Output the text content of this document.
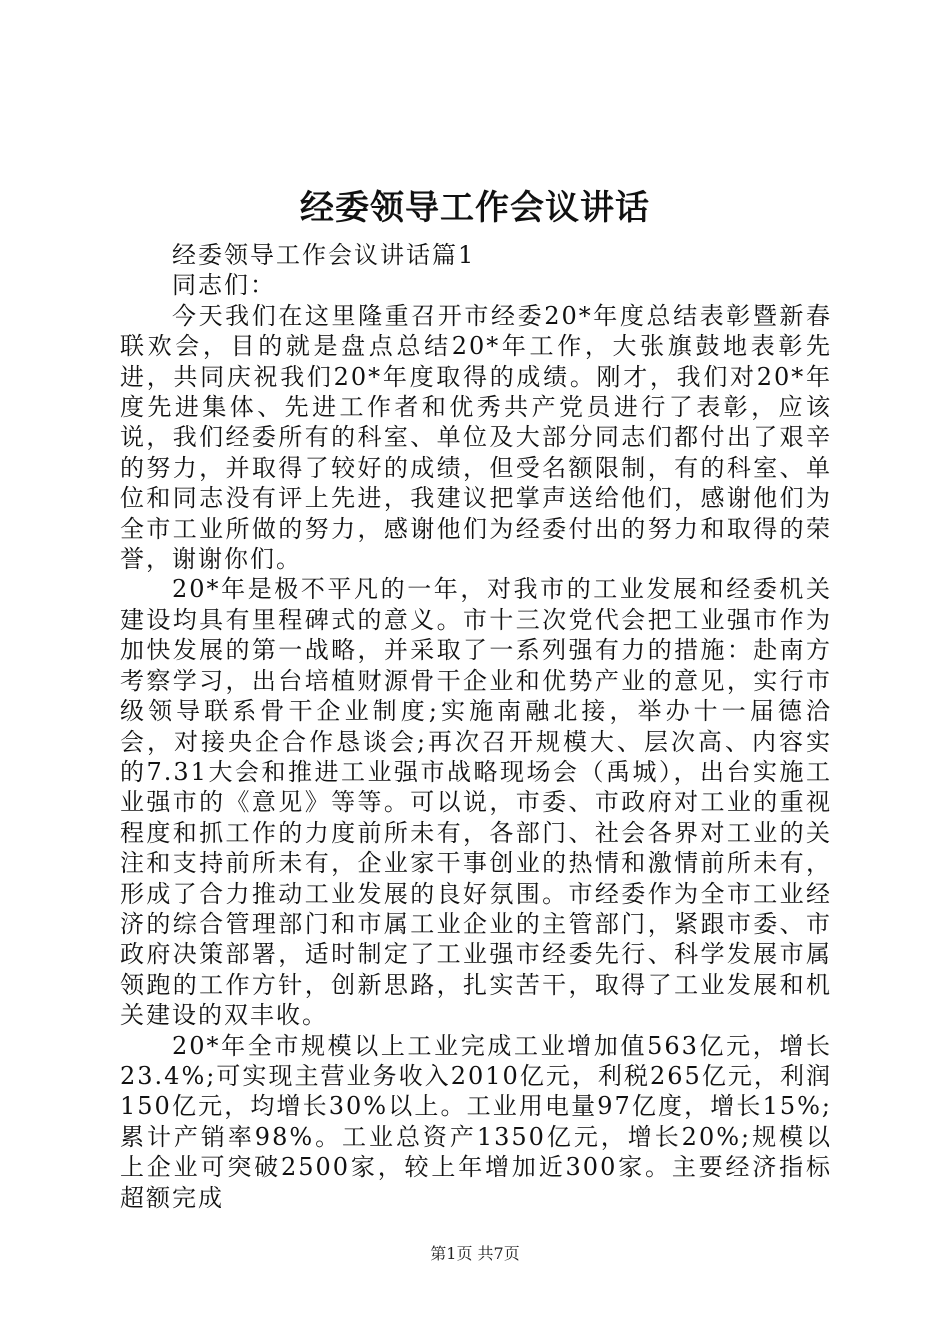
经委领导工作会议讲话

经委领导工作会议讲话篇1

同志们：

今天我们在这里隆重召开市经委20*年度总结表彰暨新春联欢会，目的就是盘点总结20*年工作，大张旗鼓地表彰先进，共同庆祝我们20*年度取得的成绩。刚才，我们对20*年度先进集体、先进工作者和优秀共产党员进行了表彰，应该说，我们经委所有的科室、单位及大部分同志们都付出了艰辛的努力，并取得了较好的成绩，但受名额限制，有的科室、单位和同志没有评上先进，我建议把掌声送给他们，感谢他们为全市工业所做的努力，感谢他们为经委付出的努力和取得的荣誉，谢谢你们。

20*年是极不平凡的一年，对我市的工业发展和经委机关建设均具有里程碑式的意义。市十三次党代会把工业强市作为加快发展的第一战略，并采取了一系列强有力的措施：赴南方考察学习，出台培植财源骨干企业和优势产业的意见，实行市级领导联系骨干企业制度;实施南融北接，举办十一届德洽会，对接央企合作恳谈会;再次召开规模大、层次高、内容实的7.31大会和推进工业强市战略现场会（禹城），出台实施工业强市的《意见》等等。可以说，市委、市政府对工业的重视程度和抓工作的力度前所未有，各部门、社会各界对工业的关注和支持前所未有，企业家干事创业的热情和激情前所未有，形成了合力推动工业发展的良好氛围。市经委作为全市工业经济的综合管理部门和市属工业企业的主管部门，紧跟市委、市政府决策部署，适时制定了工业强市经委先行、科学发展市属领跑的工作方针，创新思路，扎实苦干，取得了工业发展和机关建设的双丰收。

20*年全市规模以上工业完成工业增加值563亿元，增长23.4%;可实现主营业务收入2010亿元，利税265亿元，利润150亿元，均增长30%以上。工业用电量97亿度，增长15%;累计产销率98%。工业总资产1350亿元，增长20%;规模以上企业可突破2500家，较上年增加近300家。主要经济指标超额完成

第1页 共7页
